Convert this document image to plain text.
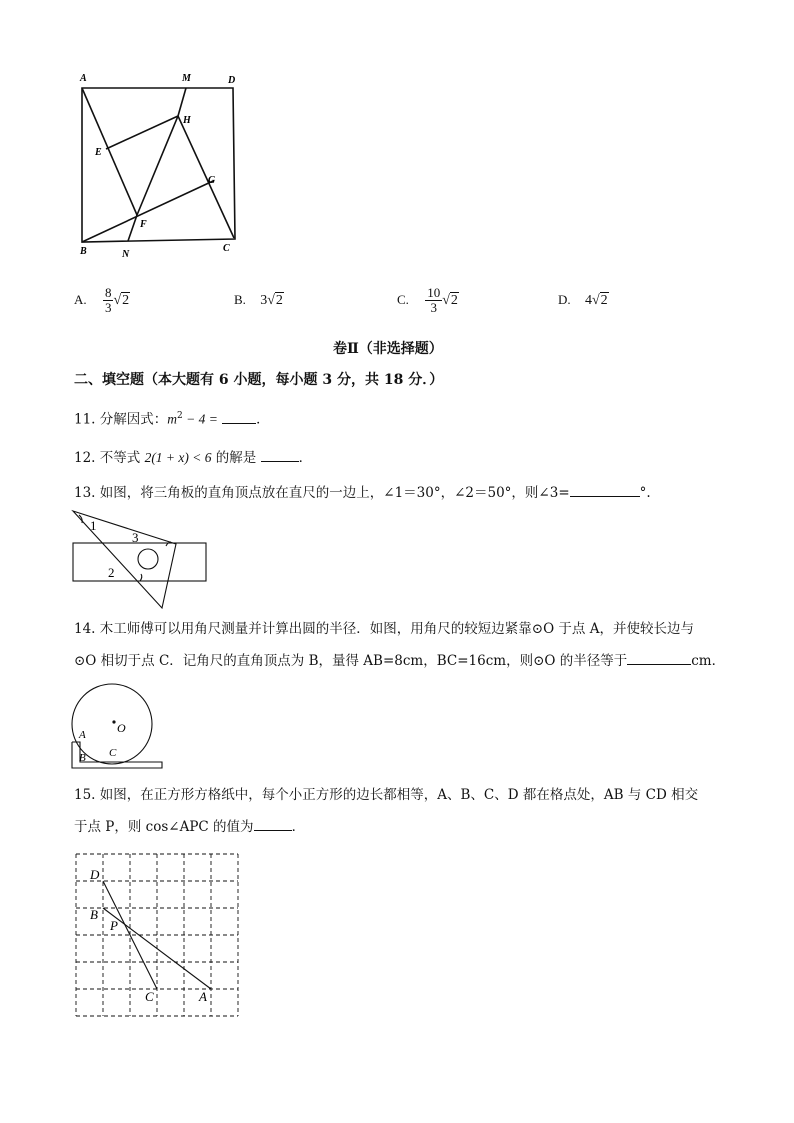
A	M	D
H
E
G
F
B	N
C
A. $\frac{8}{3} √2$	B. 3√2	C. $\frac{10}{3} √2$	D. 4√2
卷Ⅱ（非选择题）
二、填空题（本大题有 6 小题，每小题 3 分，共 18 分．）
11. 分解因式：$m^2 - 4$ =	．
12. 不等式 2(1 + x) < 6 的解是	．
13. 如图，将三角板的直角顶点放在直尺的一边上，∠1＝30°，∠2＝50°，则∠3=	°.
1
3
2
14. 木工师傅可以用角尺测量并计算出圆的半径．如图，用角尺的较短边紧靠⊙O 于点 A，并使较长边与
⊙O 相切于点 C．记角尺的直角顶点为 B，量得 AB=8cm，BC=16cm，则⊙O 的半径等于	cm．
O
A
B C
15. 如图，在正方形方格纸中，每个小正方形的边长都相等，A、B、C、D 都在格点处，AB 与 CD 相交
于点 P，则 cos∠APC 的值为	．
D
B
P
C	A
